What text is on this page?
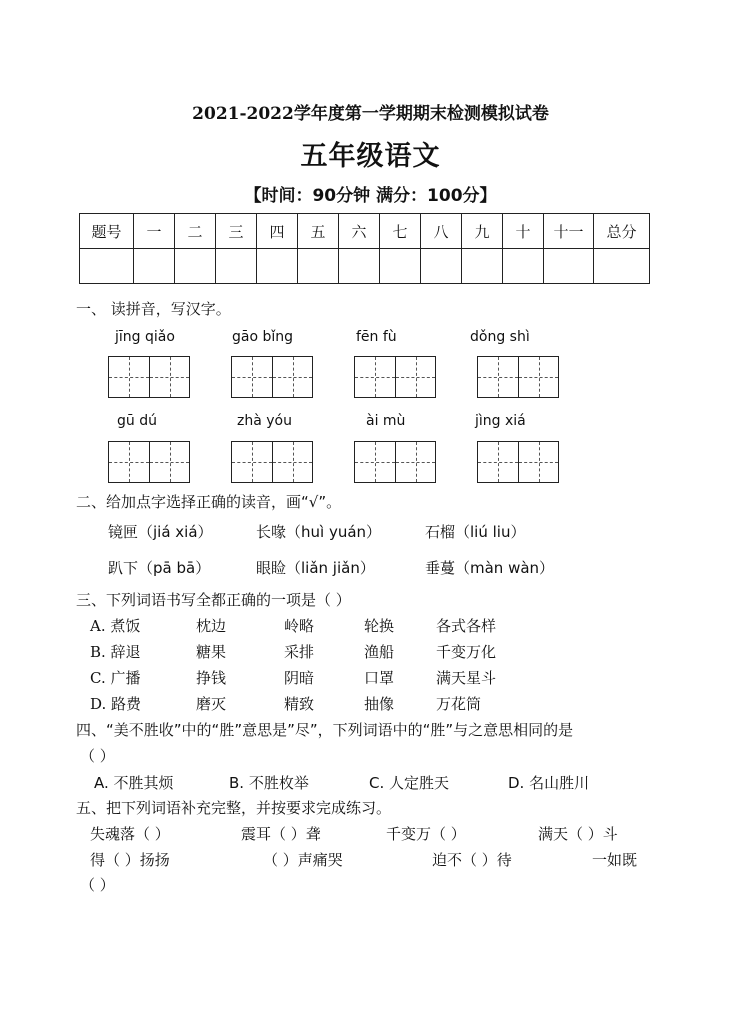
2021-2022学年度第一学期期末检测模拟试卷
五年级语文
【时间：90分钟 满分：100分】
题号	一	二	三	四	五	六	七	八	九	十	十一	总分

一、 读拼音，写汉字。
jīng qiǎo	gāo bǐng	fēn fù	dǒng shì
gū dú	zhà yóu	ài mù	jìng xiá
二、给加点字选择正确的读音，画“√”。
镜匣（jiá xiá）	长喙（huì yuán）	石榴（liú liu）
趴下（pā bā）	眼睑（liǎn jiǎn）	垂蔓（màn wàn）
三、下列词语书写全都正确的一项是（ ）
A. 煮饭	枕边	岭略	轮换	各式各样
B. 辞退	糖果	采排	渔船	千变万化
C. 广播	挣钱	阴暗	口罩	满天星斗
D. 路费	磨灭	精致	抽像	万花筒
四、“美不胜收”中的“胜”意思是”尽”，下列词语中的“胜”与之意思相同的是
（ ）
A. 不胜其烦	B. 不胜枚举	C. 人定胜天	D. 名山胜川
五、把下列词语补充完整，并按要求完成练习。
失魂落（ ）	震耳（ ）聋	千变万（ ）	满天（ ）斗
得（ ）扬扬	（ ）声痛哭	迫不（ ）待	一如既
（ ）
